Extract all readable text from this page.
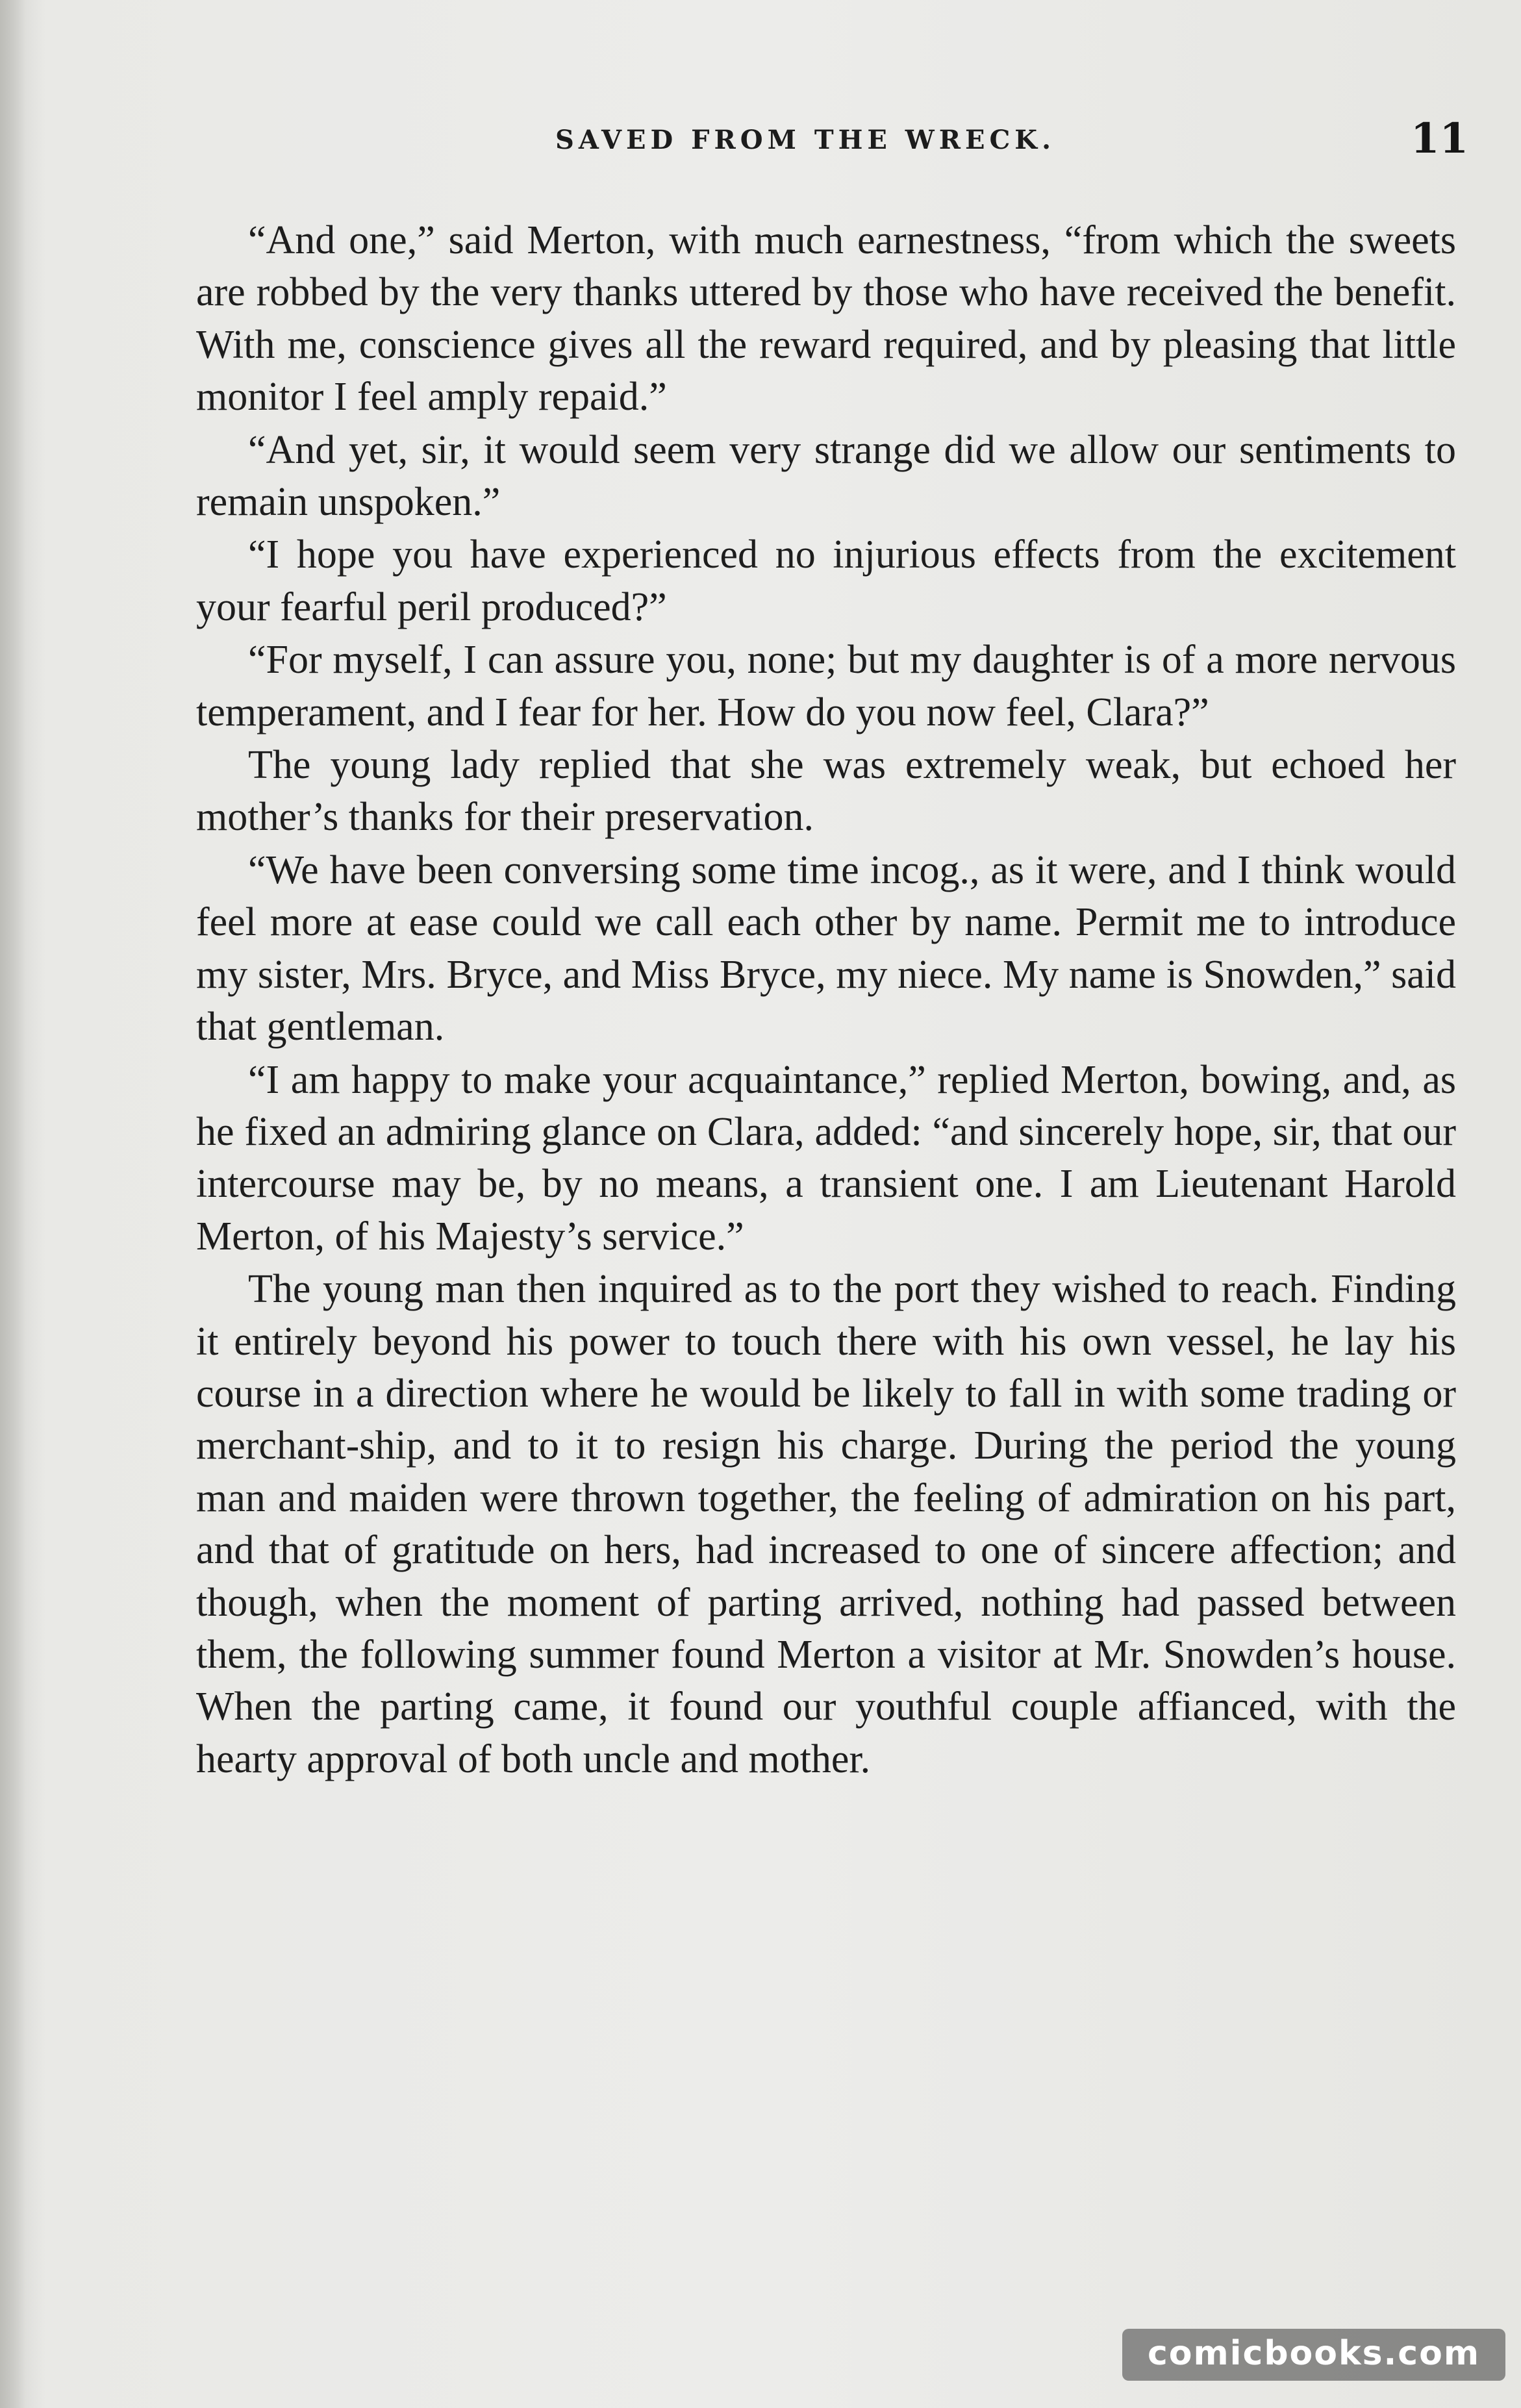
SAVED FROM THE WRECK.	11

“And one,” said Merton, with much earnestness, “from which the sweets are robbed by the very thanks uttered by those who have received the benefit. With me, conscience gives all the reward required, and by pleasing that little monitor I feel amply repaid.”

“And yet, sir, it would seem very strange did we allow our sentiments to remain unspoken.”

“I hope you have experienced no injurious effects from the excitement your fearful peril produced?”

“For myself, I can assure you, none; but my daughter is of a more nervous temperament, and I fear for her. How do you now feel, Clara?”

The young lady replied that she was extremely weak, but echoed her mother’s thanks for their preservation.

“We have been conversing some time incog., as it were, and I think would feel more at ease could we call each other by name. Permit me to introduce my sister, Mrs. Bryce, and Miss Bryce, my niece. My name is Snowden,” said that gentleman.

“I am happy to make your acquaintance,” replied Merton, bowing, and, as he fixed an admiring glance on Clara, added: “and sincerely hope, sir, that our intercourse may be, by no means, a transient one. I am Lieutenant Harold Merton, of his Majesty’s service.”

The young man then inquired as to the port they wished to reach. Finding it entirely beyond his power to touch there with his own vessel, he lay his course in a direction where he would be likely to fall in with some trading or merchant-ship, and to it to resign his charge. During the period the young man and maiden were thrown together, the feeling of admiration on his part, and that of gratitude on hers, had increased to one of sincere affection; and though, when the moment of parting arrived, nothing had passed between them, the following summer found Merton a visitor at Mr. Snowden’s house. When the parting came, it found our youthful couple affianced, with the hearty approval of both uncle and mother.

comicbooks.com
